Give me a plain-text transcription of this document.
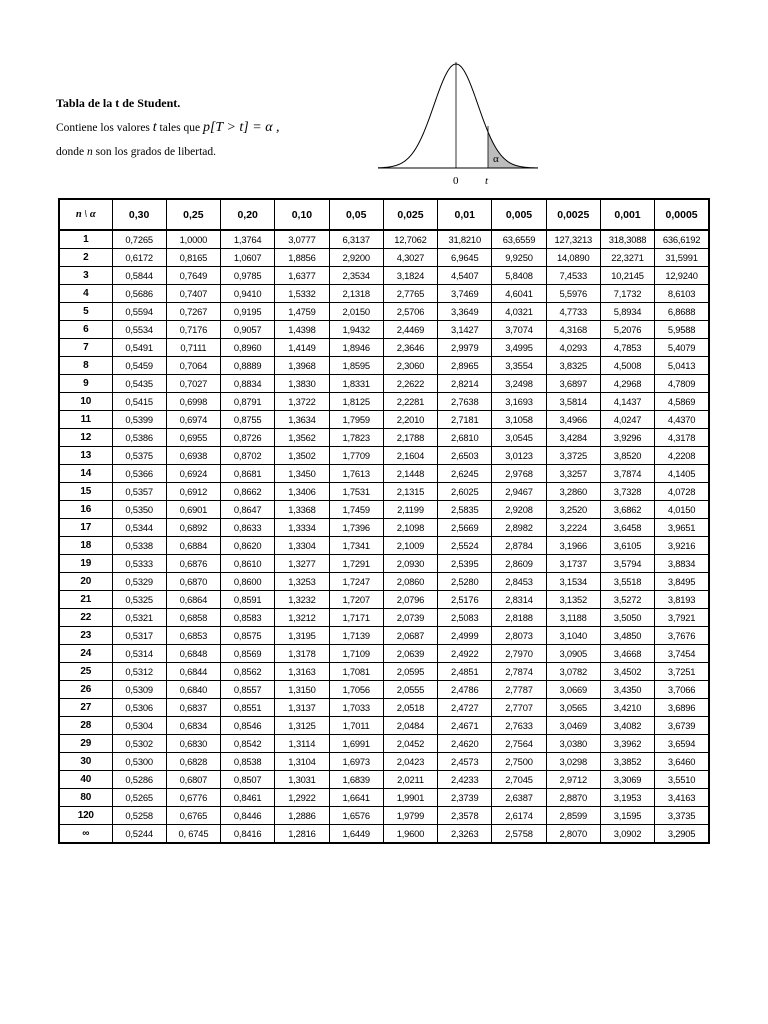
Tabla de la t de Student.

Contiene los valores t tales que p[T > t] = α ,

donde n son los grados de libertad.

α
0 t
n \ α	0,30	0,25	0,20	0,10	0,05	0,025	0,01	0,005	0,0025	0,001	0,0005
1	0,7265	1,0000	1,3764	3,0777	6,3137	12,7062	31,8210	63,6559	127,3213	318,3088	636,6192
2	0,6172	0,8165	1,0607	1,8856	2,9200	4,3027	6,9645	9,9250	14,0890	22,3271	31,5991
3	0,5844	0,7649	0,9785	1,6377	2,3534	3,1824	4,5407	5,8408	7,4533	10,2145	12,9240
4	0,5686	0,7407	0,9410	1,5332	2,1318	2,7765	3,7469	4,6041	5,5976	7,1732	8,6103
5	0,5594	0,7267	0,9195	1,4759	2,0150	2,5706	3,3649	4,0321	4,7733	5,8934	6,8688
6	0,5534	0,7176	0,9057	1,4398	1,9432	2,4469	3,1427	3,7074	4,3168	5,2076	5,9588
7	0,5491	0,7111	0,8960	1,4149	1,8946	2,3646	2,9979	3,4995	4,0293	4,7853	5,4079
8	0,5459	0,7064	0,8889	1,3968	1,8595	2,3060	2,8965	3,3554	3,8325	4,5008	5,0413
9	0,5435	0,7027	0,8834	1,3830	1,8331	2,2622	2,8214	3,2498	3,6897	4,2968	4,7809
10	0,5415	0,6998	0,8791	1,3722	1,8125	2,2281	2,7638	3,1693	3,5814	4,1437	4,5869
11	0,5399	0,6974	0,8755	1,3634	1,7959	2,2010	2,7181	3,1058	3,4966	4,0247	4,4370
12	0,5386	0,6955	0,8726	1,3562	1,7823	2,1788	2,6810	3,0545	3,4284	3,9296	4,3178
13	0,5375	0,6938	0,8702	1,3502	1,7709	2,1604	2,6503	3,0123	3,3725	3,8520	4,2208
14	0,5366	0,6924	0,8681	1,3450	1,7613	2,1448	2,6245	2,9768	3,3257	3,7874	4,1405
15	0,5357	0,6912	0,8662	1,3406	1,7531	2,1315	2,6025	2,9467	3,2860	3,7328	4,0728
16	0,5350	0,6901	0,8647	1,3368	1,7459	2,1199	2,5835	2,9208	3,2520	3,6862	4,0150
17	0,5344	0,6892	0,8633	1,3334	1,7396	2,1098	2,5669	2,8982	3,2224	3,6458	3,9651
18	0,5338	0,6884	0,8620	1,3304	1,7341	2,1009	2,5524	2,8784	3,1966	3,6105	3,9216
19	0,5333	0,6876	0,8610	1,3277	1,7291	2,0930	2,5395	2,8609	3,1737	3,5794	3,8834
20	0,5329	0,6870	0,8600	1,3253	1,7247	2,0860	2,5280	2,8453	3,1534	3,5518	3,8495
21	0,5325	0,6864	0,8591	1,3232	1,7207	2,0796	2,5176	2,8314	3,1352	3,5272	3,8193
22	0,5321	0,6858	0,8583	1,3212	1,7171	2,0739	2,5083	2,8188	3,1188	3,5050	3,7921
23	0,5317	0,6853	0,8575	1,3195	1,7139	2,0687	2,4999	2,8073	3,1040	3,4850	3,7676
24	0,5314	0,6848	0,8569	1,3178	1,7109	2,0639	2,4922	2,7970	3,0905	3,4668	3,7454
25	0,5312	0,6844	0,8562	1,3163	1,7081	2,0595	2,4851	2,7874	3,0782	3,4502	3,7251
26	0,5309	0,6840	0,8557	1,3150	1,7056	2,0555	2,4786	2,7787	3,0669	3,4350	3,7066
27	0,5306	0,6837	0,8551	1,3137	1,7033	2,0518	2,4727	2,7707	3,0565	3,4210	3,6896
28	0,5304	0,6834	0,8546	1,3125	1,7011	2,0484	2,4671	2,7633	3,0469	3,4082	3,6739
29	0,5302	0,6830	0,8542	1,3114	1,6991	2,0452	2,4620	2,7564	3,0380	3,3962	3,6594
30	0,5300	0,6828	0,8538	1,3104	1,6973	2,0423	2,4573	2,7500	3,0298	3,3852	3,6460
40	0,5286	0,6807	0,8507	1,3031	1,6839	2,0211	2,4233	2,7045	2,9712	3,3069	3,5510
80	0,5265	0,6776	0,8461	1,2922	1,6641	1,9901	2,3739	2,6387	2,8870	3,1953	3,4163
120	0,5258	0,6765	0,8446	1,2886	1,6576	1,9799	2,3578	2,6174	2,8599	3,1595	3,3735
∞	0,5244	0, 6745	0,8416	1,2816	1,6449	1,9600	2,3263	2,5758	2,8070	3,0902	3,2905
